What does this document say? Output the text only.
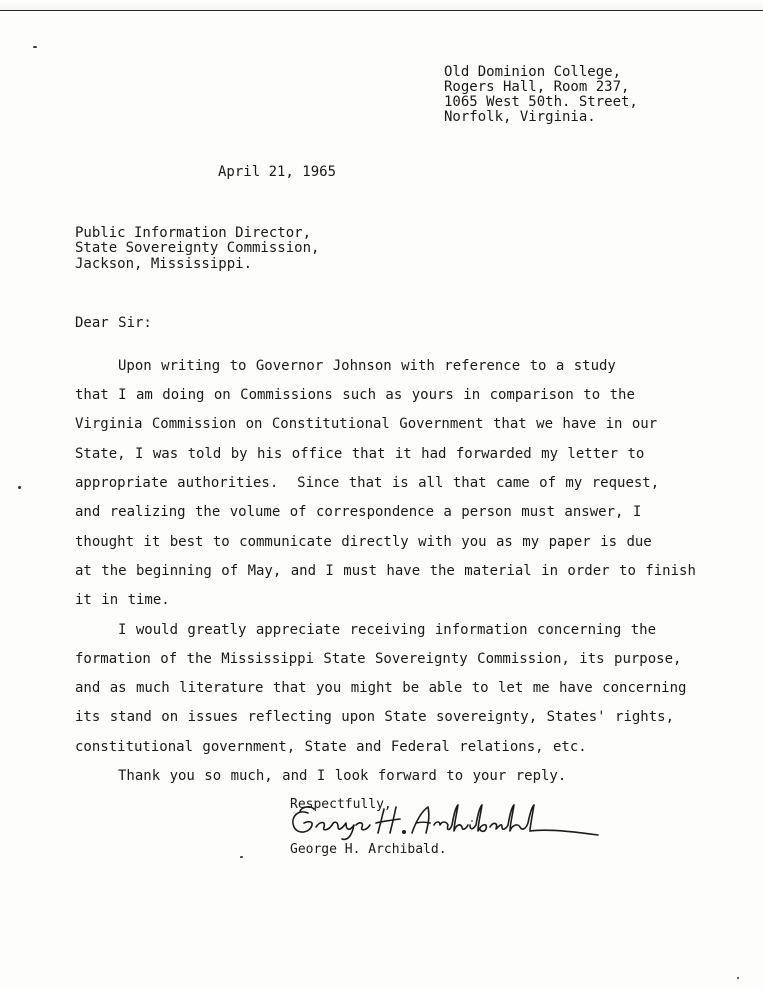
Old Dominion College,
Rogers Hall, Room 237,
1065 West 50th. Street,
Norfolk, Virginia.
April 21, 1965
Public Information Director,
State Sovereignty Commission,
Jackson, Mississippi.
Dear Sir:
Upon writing to Governor Johnson with reference to a study
that I am doing on Commissions such as yours in comparison to the
Virginia Commission on Constitutional Government that we have in our
State, I was told by his office that it had forwarded my letter to
appropriate authorities.  Since that is all that came of my request,
and realizing the volume of correspondence a person must answer, I
thought it best to communicate directly with you as my paper is due
at the beginning of May, and I must have the material in order to finish
it in time.
I would greatly appreciate receiving information concerning the
formation of the Mississippi State Sovereignty Commission, its purpose,
and as much literature that you might be able to let me have concerning
its stand on issues reflecting upon State sovereignty, States' rights,
constitutional government, State and Federal relations, etc.
Thank you so much, and I look forward to your reply.
Respectfully,
George H. Archibald.
